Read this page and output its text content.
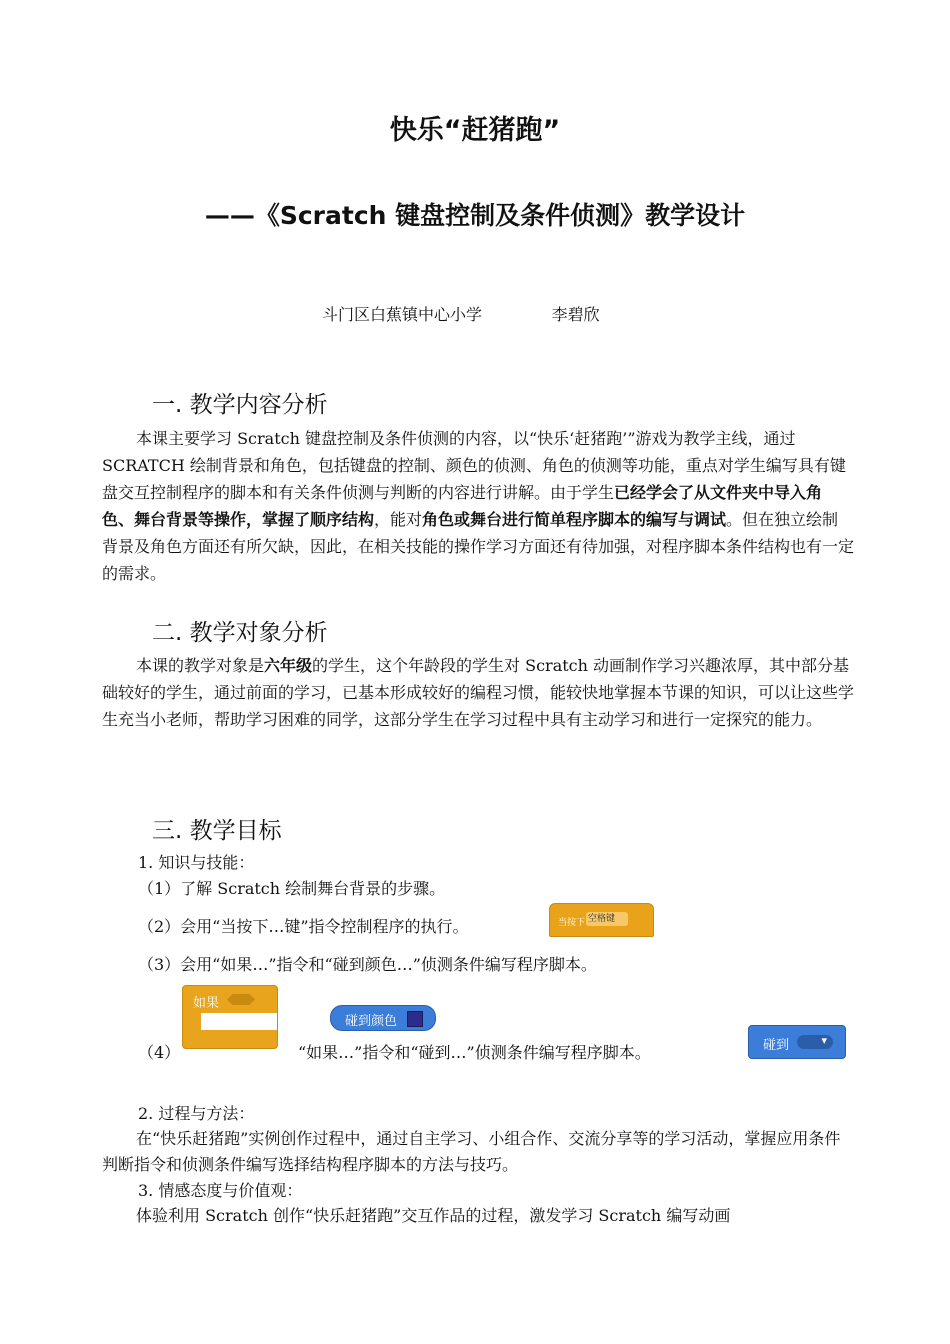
快乐“赶猪跑”
——《Scratch 键盘控制及条件侦测》教学设计
斗门区白蕉镇中心小学	李碧欣
一. 教学内容分析
本课主要学习 Scratch 键盘控制及条件侦测的内容，以“快乐‘赶猪跑’”游戏为教学主线，通过 SCRATCH 绘制背景和角色，包括键盘的控制、颜色的侦测、角色的侦测等功能，重点对学生编写具有键盘交互控制程序的脚本和有关条件侦测与判断的内容进行讲解。由于学生已经学会了从文件夹中导入角色、舞台背景等操作，掌握了顺序结构，能对角色或舞台进行简单程序脚本的编写与调试。但在独立绘制背景及角色方面还有所欠缺，因此，在相关技能的操作学习方面还有待加强，对程序脚本条件结构也有一定的需求。
二. 教学对象分析
本课的教学对象是六年级的学生，这个年龄段的学生对 Scratch 动画制作学习兴趣浓厚，其中部分基础较好的学生，通过前面的学习，已基本形成较好的编程习惯，能较快地掌握本节课的知识，可以让这些学生充当小老师，帮助学习困难的同学，这部分学生在学习过程中具有主动学习和进行一定探究的能力。
三. 教学目标
1. 知识与技能：
（1）了解 Scratch 绘制舞台背景的步骤。
（2）会用“当按下…键”指令控制程序的执行。	当按下 空格键
（3）会用“如果…”指令和“碰到颜色…”侦测条件编写程序脚本。
如果
碰到颜色
（4）	“如果…”指令和“碰到…”侦测条件编写程序脚本。	碰到
▾
2. 过程与方法：
在“快乐赶猪跑”实例创作过程中，通过自主学习、小组合作、交流分享等的学习活动，掌握应用条件判断指令和侦测条件编写选择结构程序脚本的方法与技巧。
3. 情感态度与价值观：
体验利用 Scratch 创作“快乐赶猪跑”交互作品的过程，激发学习 Scratch 编写动画
